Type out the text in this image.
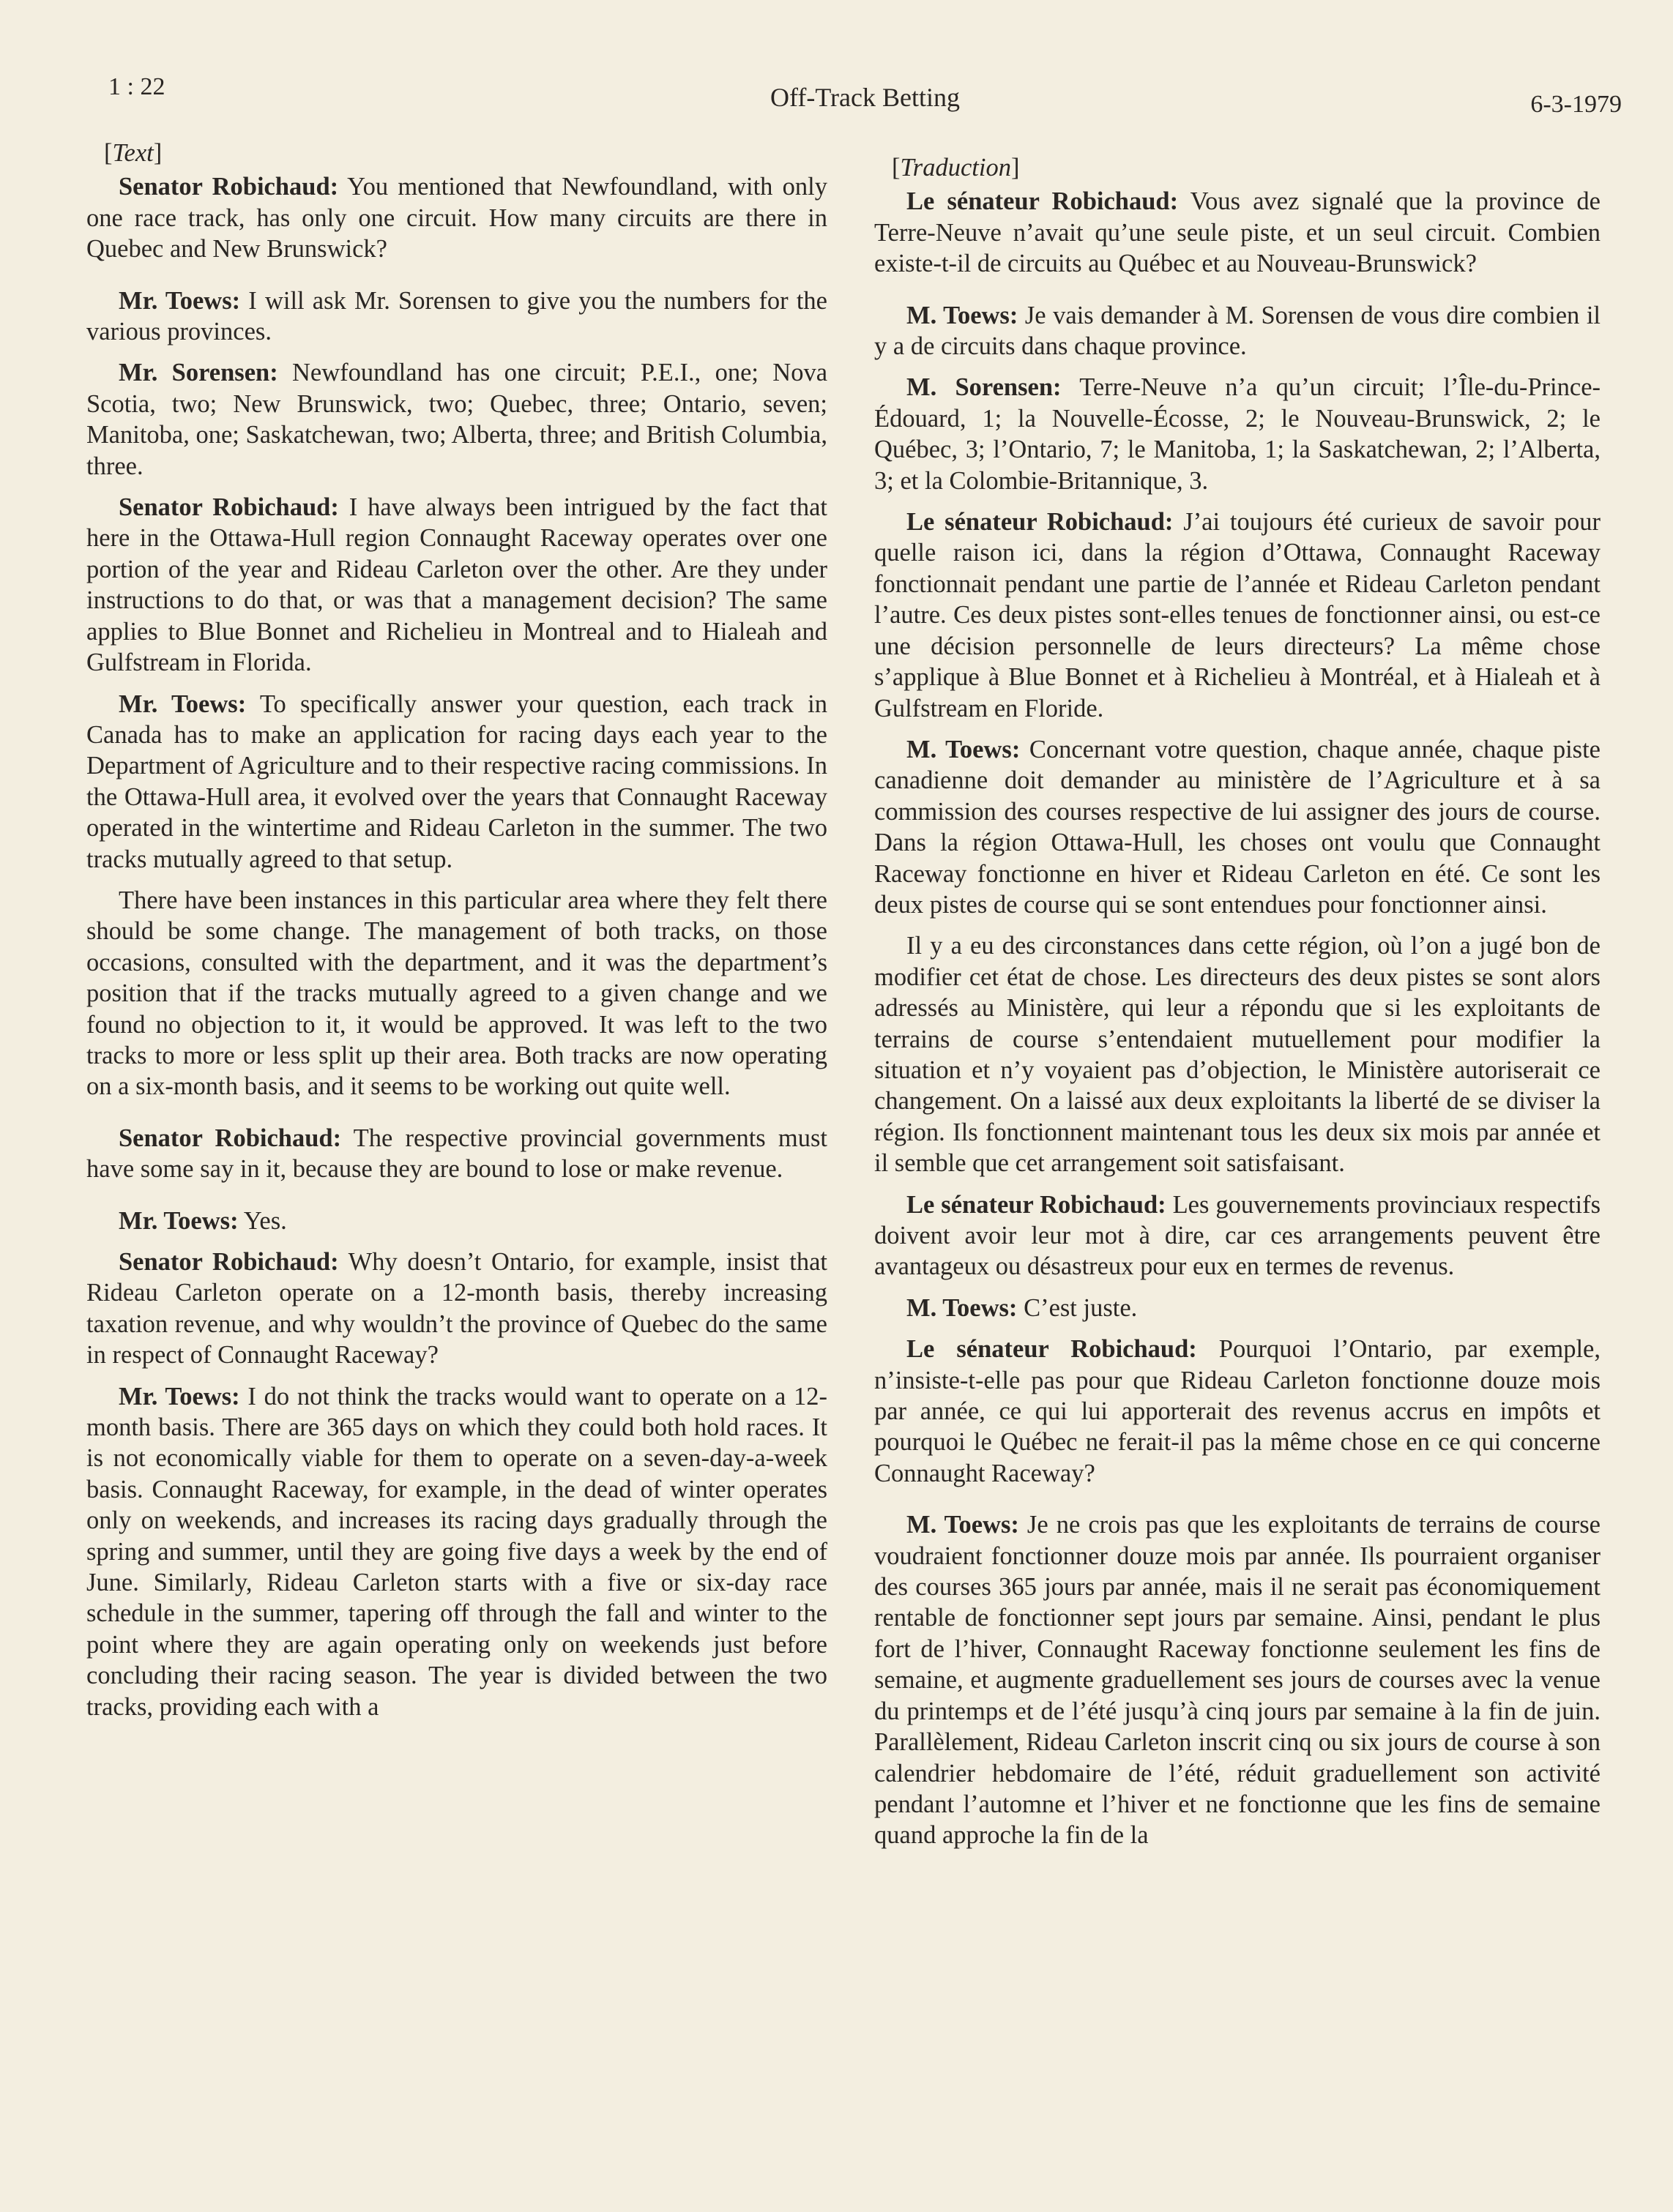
1 : 22	Off-Track Betting	6-3-1979
[Text]

Senator Robichaud: You mentioned that Newfoundland, with only one race track, has only one circuit. How many circuits are there in Quebec and New Brunswick?

Mr. Toews: I will ask Mr. Sorensen to give you the numbers for the various provinces.

Mr. Sorensen: Newfoundland has one circuit; P.E.I., one; Nova Scotia, two; New Brunswick, two; Quebec, three; Ontario, seven; Manitoba, one; Saskatchewan, two; Alberta, three; and British Columbia, three.

Senator Robichaud: I have always been intrigued by the fact that here in the Ottawa-Hull region Connaught Raceway operates over one portion of the year and Rideau Carleton over the other. Are they under instructions to do that, or was that a management decision? The same applies to Blue Bonnet and Richelieu in Montreal and to Hialeah and Gulfstream in Florida.

Mr. Toews: To specifically answer your question, each track in Canada has to make an application for racing days each year to the Department of Agriculture and to their respective racing commissions. In the Ottawa-Hull area, it evolved over the years that Connaught Raceway operated in the wintertime and Rideau Carleton in the summer. The two tracks mutually agreed to that setup.

There have been instances in this particular area where they felt there should be some change. The management of both tracks, on those occasions, consulted with the department, and it was the department’s position that if the tracks mutually agreed to a given change and we found no objection to it, it would be approved. It was left to the two tracks to more or less split up their area. Both tracks are now operating on a six-month basis, and it seems to be working out quite well.

Senator Robichaud: The respective provincial governments must have some say in it, because they are bound to lose or make revenue.

Mr. Toews: Yes.

Senator Robichaud: Why doesn’t Ontario, for example, insist that Rideau Carleton operate on a 12-month basis, thereby increasing taxation revenue, and why wouldn’t the province of Quebec do the same in respect of Connaught Raceway?

Mr. Toews: I do not think the tracks would want to operate on a 12-month basis. There are 365 days on which they could both hold races. It is not economically viable for them to operate on a seven-day-a-week basis. Connaught Raceway, for example, in the dead of winter operates only on weekends, and increases its racing days gradually through the spring and summer, until they are going five days a week by the end of June. Similarly, Rideau Carleton starts with a five or six-day race schedule in the summer, tapering off through the fall and winter to the point where they are again operating only on weekends just before concluding their racing season. The year is divided between the two tracks, providing each with a

[Traduction]

Le sénateur Robichaud: Vous avez signalé que la province de Terre-Neuve n’avait qu’une seule piste, et un seul circuit. Combien existe-t-il de circuits au Québec et au Nouveau-Brunswick?

M. Toews: Je vais demander à M. Sorensen de vous dire combien il y a de circuits dans chaque province.

M. Sorensen: Terre-Neuve n’a qu’un circuit; l’Île-du-Prince-Édouard, 1; la Nouvelle-Écosse, 2; le Nouveau-Brunswick, 2; le Québec, 3; l’Ontario, 7; le Manitoba, 1; la Saskatchewan, 2; l’Alberta, 3; et la Colombie-Britannique, 3.

Le sénateur Robichaud: J’ai toujours été curieux de savoir pour quelle raison ici, dans la région d’Ottawa, Connaught Raceway fonctionnait pendant une partie de l’année et Rideau Carleton pendant l’autre. Ces deux pistes sont-elles tenues de fonctionner ainsi, ou est-ce une décision personnelle de leurs directeurs? La même chose s’applique à Blue Bonnet et à Richelieu à Montréal, et à Hialeah et à Gulfstream en Floride.

M. Toews: Concernant votre question, chaque année, chaque piste canadienne doit demander au ministère de l’Agriculture et à sa commission des courses respective de lui assigner des jours de course. Dans la région Ottawa-Hull, les choses ont voulu que Connaught Raceway fonctionne en hiver et Rideau Carleton en été. Ce sont les deux pistes de course qui se sont entendues pour fonctionner ainsi.

Il y a eu des circonstances dans cette région, où l’on a jugé bon de modifier cet état de chose. Les directeurs des deux pistes se sont alors adressés au Ministère, qui leur a répondu que si les exploitants de terrains de course s’entendaient mutuellement pour modifier la situation et n’y voyaient pas d’objection, le Ministère autoriserait ce changement. On a laissé aux deux exploitants la liberté de se diviser la région. Ils fonctionnent maintenant tous les deux six mois par année et il semble que cet arrangement soit satisfaisant.

Le sénateur Robichaud: Les gouvernements provinciaux respectifs doivent avoir leur mot à dire, car ces arrangements peuvent être avantageux ou désastreux pour eux en termes de revenus.

M. Toews: C’est juste.

Le sénateur Robichaud: Pourquoi l’Ontario, par exemple, n’insiste-t-elle pas pour que Rideau Carleton fonctionne douze mois par année, ce qui lui apporterait des revenus accrus en impôts et pourquoi le Québec ne ferait-il pas la même chose en ce qui concerne Connaught Raceway?

M. Toews: Je ne crois pas que les exploitants de terrains de course voudraient fonctionner douze mois par année. Ils pourraient organiser des courses 365 jours par année, mais il ne serait pas économiquement rentable de fonctionner sept jours par semaine. Ainsi, pendant le plus fort de l’hiver, Connaught Raceway fonctionne seulement les fins de semaine, et augmente graduellement ses jours de courses avec la venue du printemps et de l’été jusqu’à cinq jours par semaine à la fin de juin. Parallèlement, Rideau Carleton inscrit cinq ou six jours de course à son calendrier hebdomaire de l’été, réduit graduellement son activité pendant l’automne et l’hiver et ne fonctionne que les fins de semaine quand approche la fin de la
